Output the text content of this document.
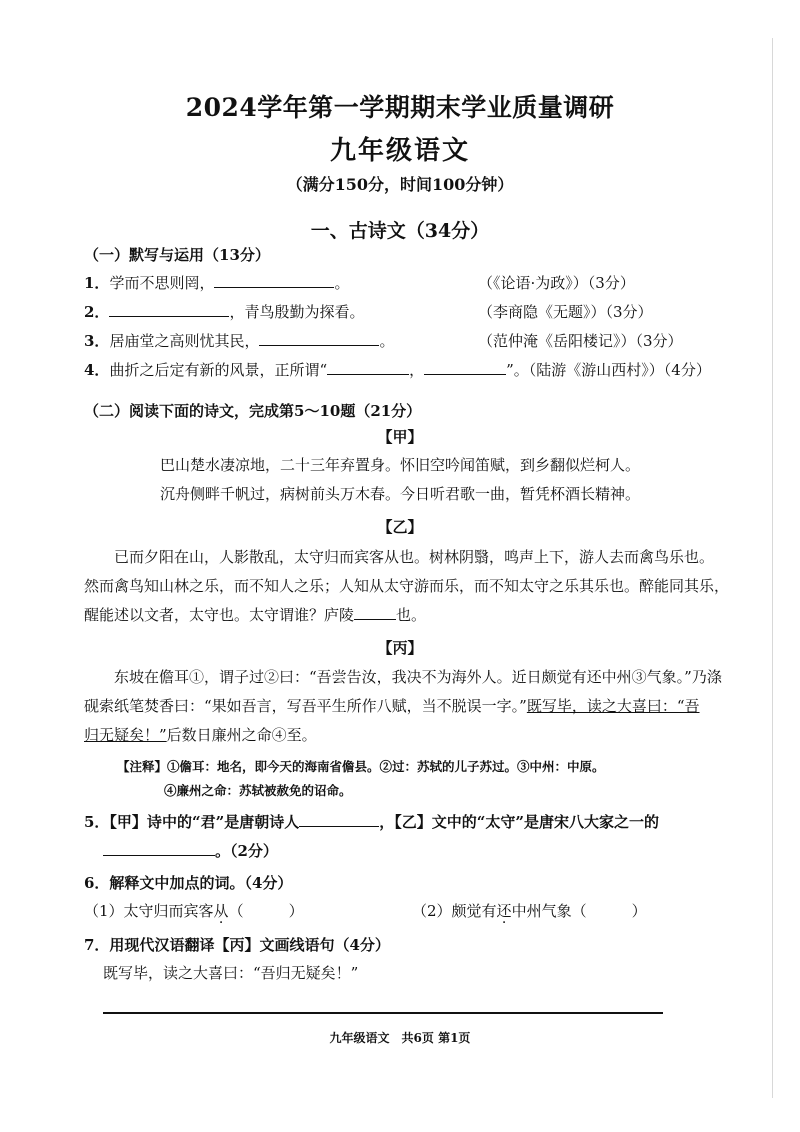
2024学年第一学期期末学业质量调研
九年级语文
（满分150分，时间100分钟）
一、古诗文（34分）
（一）默写与运用（13分）
1．学而不思则罔，	。	（《论语·为政》）（3分）
2．	，青鸟殷勤为探看。	（李商隐《无题》）（3分）
3．居庙堂之高则忧其民，	。	（范仲淹《岳阳楼记》）（3分）
4．曲折之后定有新的风景，正所谓“	，	”。（陆游《游山西村》）（4分）
（二）阅读下面的诗文，完成第5～10题（21分）
【甲】
巴山楚水凄凉地，二十三年弃置身。怀旧空吟闻笛赋，到乡翻似烂柯人。
沉舟侧畔千帆过，病树前头万木春。今日听君歌一曲，暂凭杯酒长精神。
【乙】
已而夕阳在山，人影散乱，太守归而宾客从也。树林阴翳，鸣声上下，游人去而禽鸟乐也。
然而禽鸟知山林之乐，而不知人之乐；人知从太守游而乐，而不知太守之乐其乐也。醉能同其乐，
醒能述以文者，太守也。太守谓谁？庐陵	也。
【丙】
东坡在儋耳①，谓子过②曰：“吾尝告汝，我决不为海外人。近日颇觉有还中州③气象。”乃涤
砚索纸笔焚香曰：“果如吾言，写吾平生所作八赋，当不脱误一字。”既写毕，读之大喜曰：“吾
归无疑矣！”后数日廉州之命④至。
【注释】①儋耳：地名，即今天的海南省儋县。②过：苏轼的儿子苏过。③中州：中原。
④廉州之命：苏轼被赦免的诏命。
5．【甲】诗中的“君”是唐朝诗人	，【乙】文中的“太守”是唐宋八大家之一的
。（2分）
6．解释文中加点的词。（4分）
（1）太守归而宾客从（　　　）	（2）颇觉有还中州气象（　　　）
7．用现代汉语翻译【丙】文画线语句（4分）
既写毕，读之大喜曰：“吾归无疑矣！”
九年级语文　共6页 第1页
